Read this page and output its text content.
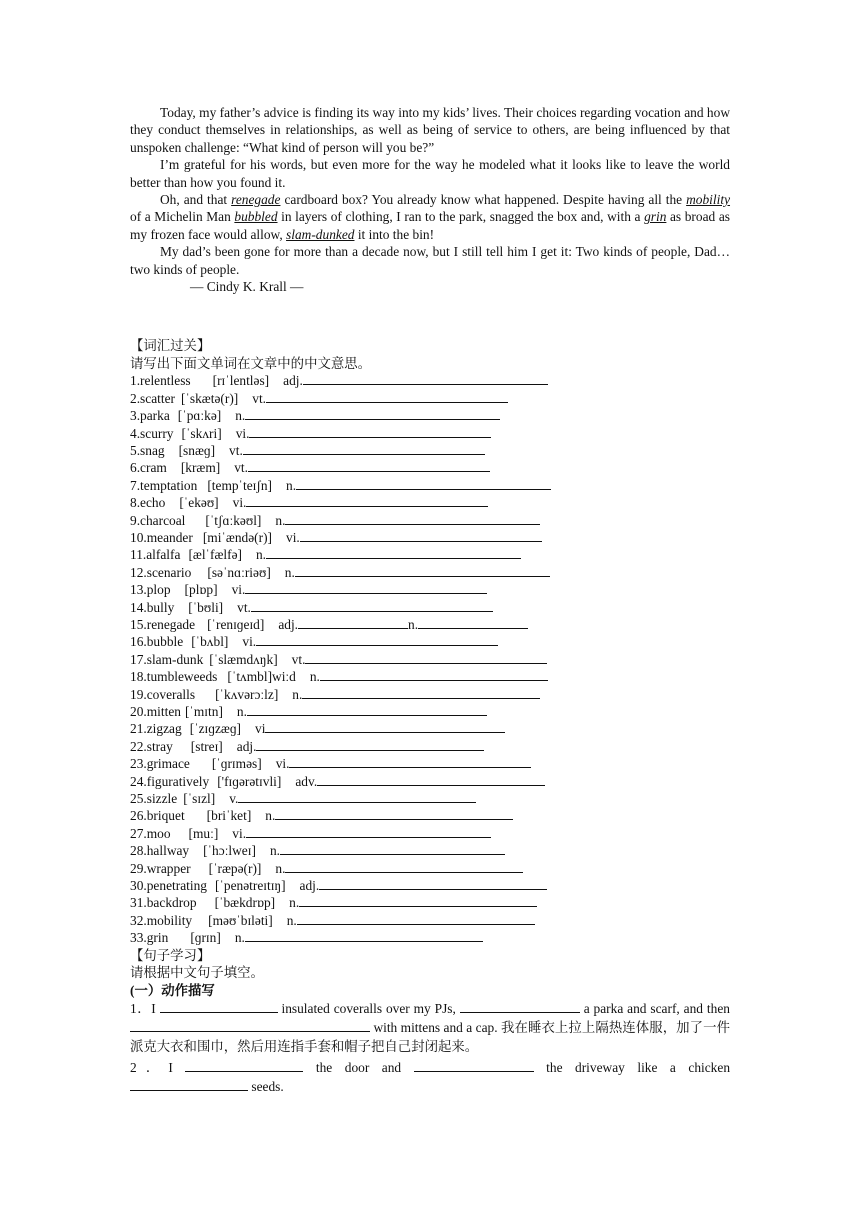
Today, my father’s advice is finding its way into my kids’ lives. Their choices regarding vocation and how they conduct themselves in relationships, as well as being of service to others, are being influenced by that unspoken challenge: “What kind of person will you be?”

I’m grateful for his words, but even more for the way he modeled what it looks like to leave the world better than how you found it.

Oh, and that renegade cardboard box? You already know what happened. Despite having all the mobility of a Michelin Man bubbled in layers of clothing, I ran to the park, snagged the box and, with a grin as broad as my frozen face would allow, slam-dunked it into the bin!

My dad’s been gone for more than a decade now, but I still tell him I get it: Two kinds of people, Dad… two kinds of people.

— Cindy K. Krall —
【词汇过关】
请写出下面文单词在文章中的中文意思。
1.relentless [rɪˈlentləs] adj.
2.scatter [ˈskætə(r)] vt.
3.parka [ˈpɑːkə] n.
4.scurry [ˈskʌri] vi.
5.snag [snæɡ] vt.
6.cram [kræm] vt.
7.temptation [tempˈteɪʃn] n.
8.echo [ˈekəʊ] vi.
9.charcoal [ˈtʃɑːkəʊl] n.
10.meander [miˈændə(r)] vi.
11.alfalfa [ælˈfælfə] n.
12.scenario [səˈnɑːriəʊ] n.
13.plop [plɒp] vi.
14.bully [ˈbʊli] vt.
15.renegade [ˈrenɪɡeɪd] adj.	n.
16.bubble [ˈbʌbl] vi.
17.slam-dunk [ˈslæmdʌŋk] vt.
18.tumbleweeds [ˈtʌmbl]wiːd n.
19.coveralls [ˈkʌvərɔːlz] n.
20.mitten [ˈmɪtn] n.
21.zigzag [ˈzɪɡzæɡ] vi
22.stray [streɪ] adj.
23.grimace [ˈɡrɪməs] vi.
24.figuratively ['fɪɡərətɪvli] adv.
25.sizzle [ˈsɪzl] v.
26.briquet [briˈket] n.
27.moo [muː] vi.
28.hallway [ˈhɔːlweɪ] n.
29.wrapper [ˈræpə(r)] n.
30.penetrating [ˈpenətreɪtɪŋ] adj.
31.backdrop [ˈbækdrɒp] n.
32.mobility [məʊˈbɪləti] n.
33.grin [ɡrɪn] n.
【句子学习】
请根据中文句子填空。
(一）动作描写
1．I	insulated coveralls over my PJs,	a parka and scarf, and then  with mittens and a cap. 我在睡衣上拉上隔热连体服，加了一件派克大衣和围巾，然后用连指手套和帽子把自己封闭起来。
2．I	the door and	the driveway like a chicken  seeds.
